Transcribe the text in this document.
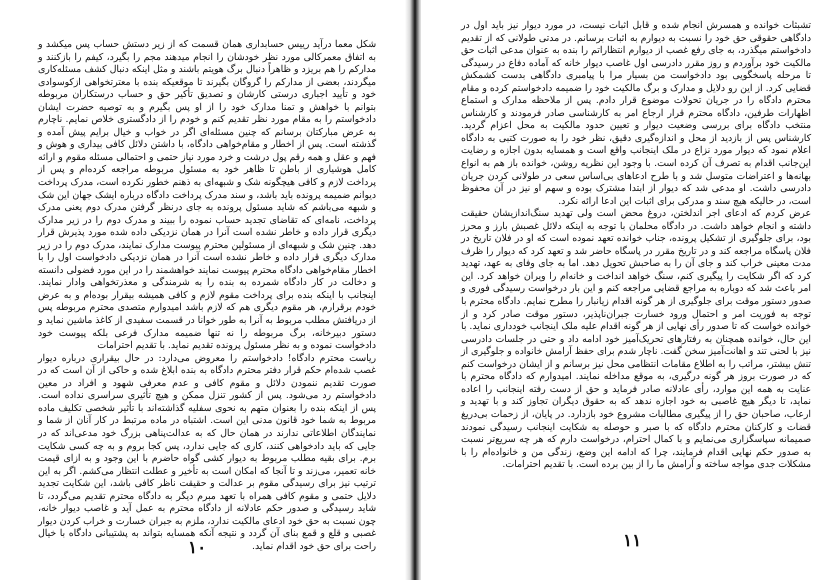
شکل معما درآید رییس حسابداری همان قسمت که از زیر دستش حساب پس میکشد و به اتفاق معمرکالی مورد نظر خودشان را انجام میدهند مجم را بگیرد، کیفم را بازکنند و مدارکم را هم بریزد و ظاهراً دنبال برگ هویتم باشند و مثل اینکه دنبال کشف مسئله‌کاری میگردند، بعضی از مدارکم را گروگان بگیرند تا موقعیکه بنده با معترتخواهی ازکوسوادی خود و تأیید اجباری درستی کارشان و تصدیق تأکیر حق و حساب درستکاران مربوطه بتوانم با خواهش و تمنا مدارک خود را از او پس بگیرم و به توصیه حضرت ایشان دادخواستم را به مقام مورد نظر تقدیم کنم و خودم را از دادگستری خلاص نمایم. ناچارم به عرض مبارکتان برسانم که چنین مسئله‌ای اگر در خواب و خیال برایم پیش آمده و گذشته است. پس از اخطار و مقام‌خواهی دادگاه، با داشتن دلائل کافی بیداری و هوش و فهم و عقل و همه رقم پول درشت و خرد مورد نیاز حتمی و احتمالی مسئله مقوم و ارائه کامل هوشیاری از باطن تا ظاهر خود به مسئول مربوطه مراجعه کرده‌ام و پس از پرداخت لازم و کافی هیچگونه شک و شبهه‌ای به ذهنم خطور نکرده است، مدرک پرداخت دیوانم ضمیمه پرونده باید باشد، و سند مدرک پرداخت دادگاه درباره ایشک جهان این شک و شبهه می‌باشم که شاید مسئول پرونده به جای درنظر گرفتن مدرک دوم یعنی مدرک پرداخت، نامه‌ای که تقاضای تجدید حساب نموده را ببیند و مدرک دوم را در زیر مدارک دیگری قرار داده و خاطر نشده است آنرا در همان نزدیکی داده شده مورد پذیرش قرار دهد. چنین شک و شبهه‌ای از مسئولین محترم پیوست مدارک نمایند، مدرک دوم را در زیر مدارک دیگری قرار داده و خاطر نشده است آنرا در همان نزدیکی دادخواست اول را با اخطار مقام‌خواهی دادگاه محترم پیوست نمایند خواهشمند را در این مورد فضولی دانسته و دخالت در کار دادگاه شمرده به بنده را به شرمندگی و معذرتخواهی وادار نمایند. اینجانب با اینکه بنده برای پرداخت مقوم لازم و کافی همیشه بیقرار بوده‌ام و به عرض خودم برقرارم، هر مقوم دیگری هم که لازم باشد امیدوارم متصدی محترم مربوطه پس از دریافتش مطلب مربوط به آنرا به طور خوانا در قسمت سفیدی از کاغذ ماشین نماید و دستور دبیرخانه، برگ مربوطه را نه تنها ضمیمه مدارک فرعی بلکه پیوست خود دادخواست نموده و به نظر مسئول پرونده تقدیم نماید. با تقدیم احترامات

ریاست محترم دادگاه! دادخواستم را معروض می‌دارد: در حال بیقراری درباره دیوار غصب شده‌ام حکم قرار دفتر محترم دادگاه به بنده ابلاغ شده و حاکی از آن است که در صورت تقدیم ننمودن دلائل و مقوم کافی و عدم معرفی شهود و افراد در معین دادخواستم رد می‌شود. پس از کشور تنزل ممکن و هیچ تأثیری سراسری نداده است. پس از اینکه بنده را بعنوان متهم به نحوی سفلیه گذاشته‌اند با تأثیر شخصی تکلیف ماده مربوط به شما خود قانون مدنی این است. اشتباه در ماده مرتبط در کار آنان از شما و نمایندگان اطلاعاتی ندارند در همان حال که به عدالت‌پناهی بزرگ خود مدعی‌اند که در جایی که باید دادخواهی کنند، کاری که جایی ندارد، پس کجا بروم و به چه کسی شکایت برم. برای بقیه مطلب مربوط به دیوار کشی گواه حاضرم با این وجود و به ازای قیمت خانه تعمیر، می‌زند و تا آنجا که امکان است به تأخیر و عطلت انتظار می‌کشم. اگر به این ترتیب نیز برای رسیدگی مقوم بر عدالت و حقیقت ناظر کافی باشد، این شکایت تجدید دلایل حتمی و مقوم کافی همراه با تعهد مبرم دیگر به دادگاه محترم تقدیم می‌گردد، تا شاید رسیدگی و صدور حکم عادلانه از دادگاه محترم به عمل آید و غاصب دیوار خانه، چون نسبت به حق خود ادعای مالکیت ندارد، ملزم به جبران خسارت و خراب کردن دیوار غصبی و قلع و قمع بنای آن گردد و نتیجه آنکه همسایه بتواند به پشتیبانی دادگاه با خیال راحت برای حق خود اقدام نماید.

۱۰

تشبثات خوانده و همسرش انجام شده و قابل اثبات نیست، در مورد دیوار نیز باید اول در دادگاهی حقوقی حق خود را نسبت به دیوارم به اثبات برسانم. در مدتی طولانی که از تقدیم دادخواستم میگذرد، به جای رفع غصب از دیوارم انتظاراتم را بنده به عنوان مدعی اثبات حق مالکیت خود برآوردم و روز مقرر دادرسی اول غاصب دیوار خانه که آماده دفاع در رسیدگی تا مرحله پاسخگویی بود دادخواست من بسیار مرا با پیامبری دادگاهی بدست کشمکش قضایی کرد. از این رو دلایل و مدارک و برگ مالکیت خود را ضمیمه دادخواستم کرده و مقام محترم دادگاه را در جریان تحولات موضوع قرار دادم. پس از ملاحظه مدارک و استماع اظهارات طرفین، دادگاه محترم قرار ارجاع امر به کارشناسی صادر فرمودند و کارشناس منتخب دادگاه برای بررسی وضعیت دیوار و تعیین حدود مالکیت به محل اعزام گردید. کارشناس پس از بازدید از محل و اندازه‌گیری دقیق، نظر خود را به صورت کتبی به دادگاه اعلام نمود که دیوار مورد نزاع در ملک اینجانب واقع است و همسایه بدون اجازه و رضایت این‌جانب اقدام به تصرف آن کرده است. با وجود این نظریه روشن، خوانده باز هم به انواع بهانه‌ها و اعتراضات متوسل شد و با طرح ادعاهای بی‌اساس سعی در طولانی کردن جریان دادرسی داشت. او مدعی شد که دیوار از ابتدا مشترک بوده و سهم او نیز در آن محفوظ است، در حالیکه هیچ سند و مدرکی برای اثبات این ادعا ارائه نکرد.

عرض کردم که ادعای اجر اندلختن، دروغ محض است ولی تهدید سنگ‌اندازیشان حقیقت داشته و انجام خواهد داشت. در دادگاه محلمان با توجه به اینکه دلائل غصبش بارز و محرز بود، برای جلوگیری از تشکیل پرونده، جناب خوانده تعهد نموده است که او در فلان تاریخ در فلان پاسگاه مراجعه کند و در تاریخ مقرر در پاسگاه حاضر شد و تعهد کرد که دیوار را ظرف مدت معینی خراب کند و جای آن را به صاحبش تحویل دهد. اما به جای وفای به عهد، تهدید کرد که اگر شکایت را پیگیری کنم، سنگ خواهد انداخت و خانه‌ام را ویران خواهد کرد. این امر باعث شد که دوباره به مراجع قضایی مراجعه کنم و این بار درخواست رسیدگی فوری و صدور دستور موقت برای جلوگیری از هر گونه اقدام زیانبار را مطرح نمایم. دادگاه محترم با توجه به فوریت امر و احتمال ورود خسارت جبران‌ناپذیر، دستور موقت صادر کرد و از خوانده خواست که تا صدور رأی نهایی از هر گونه اقدام علیه ملک اینجانب خودداری نماید. با این حال، خوانده همچنان به رفتارهای تحریک‌آمیز خود ادامه داد و حتی در جلسات دادرسی نیز با لحنی تند و اهانت‌آمیز سخن گفت. ناچار شدم برای حفظ آرامش خانواده و جلوگیری از تنش بیشتر، مراتب را به اطلاع مقامات انتظامی محل نیز برسانم و از ایشان درخواست کنم که در صورت بروز هر گونه درگیری، به موقع مداخله نمایند. امیدوارم که دادگاه محترم با عنایت به همه این موارد، رأی عادلانه صادر فرماید و حق از دست رفته اینجانب را اعاده نماید، تا دیگر هیچ غاصبی به خود اجازه ندهد که به حقوق دیگران تجاوز کند و با تهدید و ارعاب، صاحبان حق را از پیگیری مطالبات مشروع خود بازدارد. در پایان، از زحمات بی‌دریغ قضات و کارکنان محترم دادگاه که با صبر و حوصله به شکایت اینجانب رسیدگی نمودند صمیمانه سپاسگزاری می‌نمایم و با کمال احترام، درخواست دارم که هر چه سریع‌تر نسبت به صدور حکم نهایی اقدام فرمایند، چرا که ادامه این وضع، زندگی من و خانواده‌ام را با مشکلات جدی مواجه ساخته و آرامش ما را از بین برده است. با تقدیم احترامات.

۱۱
